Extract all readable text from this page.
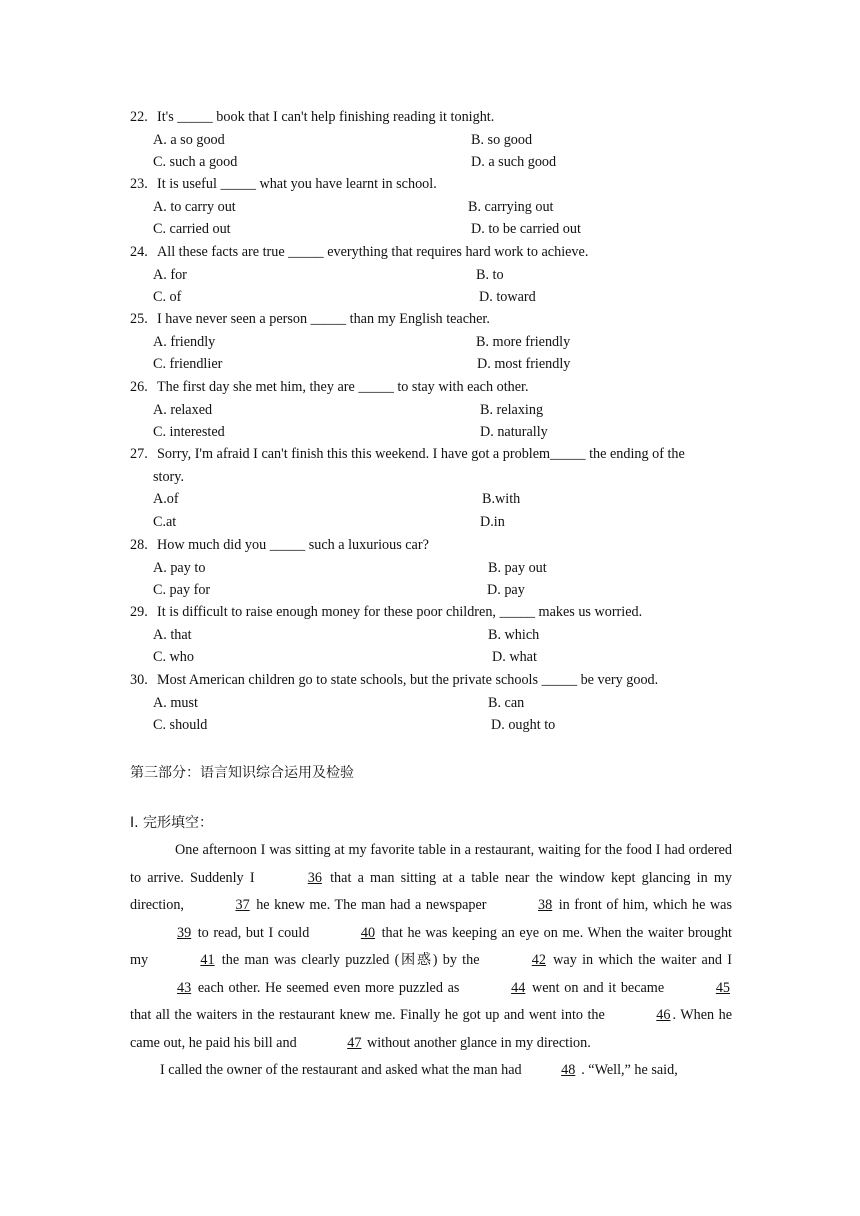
22. It's _____ book that I can't help finishing reading it tonight.
A. a so good	B. so good
C. such a good	D. a such good
23. It is useful _____ what you have learnt in school.
A. to carry out	B. carrying out
C. carried out	D. to be carried out
24. All these facts are true _____ everything that requires hard work to achieve.
A. for	B. to
C. of	D. toward
25. I have never seen a person _____ than my English teacher.
A. friendly	B. more friendly
C. friendlier	D. most friendly
26. The first day she met him, they are _____ to stay with each other.
A. relaxed	B. relaxing
C. interested	D. naturally
27. Sorry, I'm afraid I can't finish this this weekend. I have got a problem_____ the ending of the
story.
A.of	B.with
C.at	D.in
28. How much did you _____ such a luxurious car?
A. pay to	B. pay out
C. pay for	D. pay
29. It is difficult to raise enough money for these poor children, _____ makes us worried.
A. that	B. which
C. who	D. what
30. Most American children go to state schools, but the private schools _____ be very good.
A. must	B. can
C. should	D. ought to
第三部分：语言知识综合运用及检验
I. 完形填空：

One afternoon I was sitting at my favorite table in a restaurant, waiting for the food I had ordered to arrive. Suddenly I	36 that a man sitting at a table near the window kept glancing in my direction,	37 he knew me. The man had a newspaper	38 in front of him, which he was 39 to read, but I could	40 that he was keeping an eye on me. When the waiter brought my	41 the man was clearly puzzled (困惑) by the	42 way in which the waiter and I 43 each other. He seemed even more puzzled as	44 went on and it became	45 that all the waiters in the restaurant knew me. Finally he got up and went into the	46 . When he came out, he paid his bill and	47 without another glance in my direction.

I called the owner of the restaurant and asked what the man had	48 . “Well,” he said,
